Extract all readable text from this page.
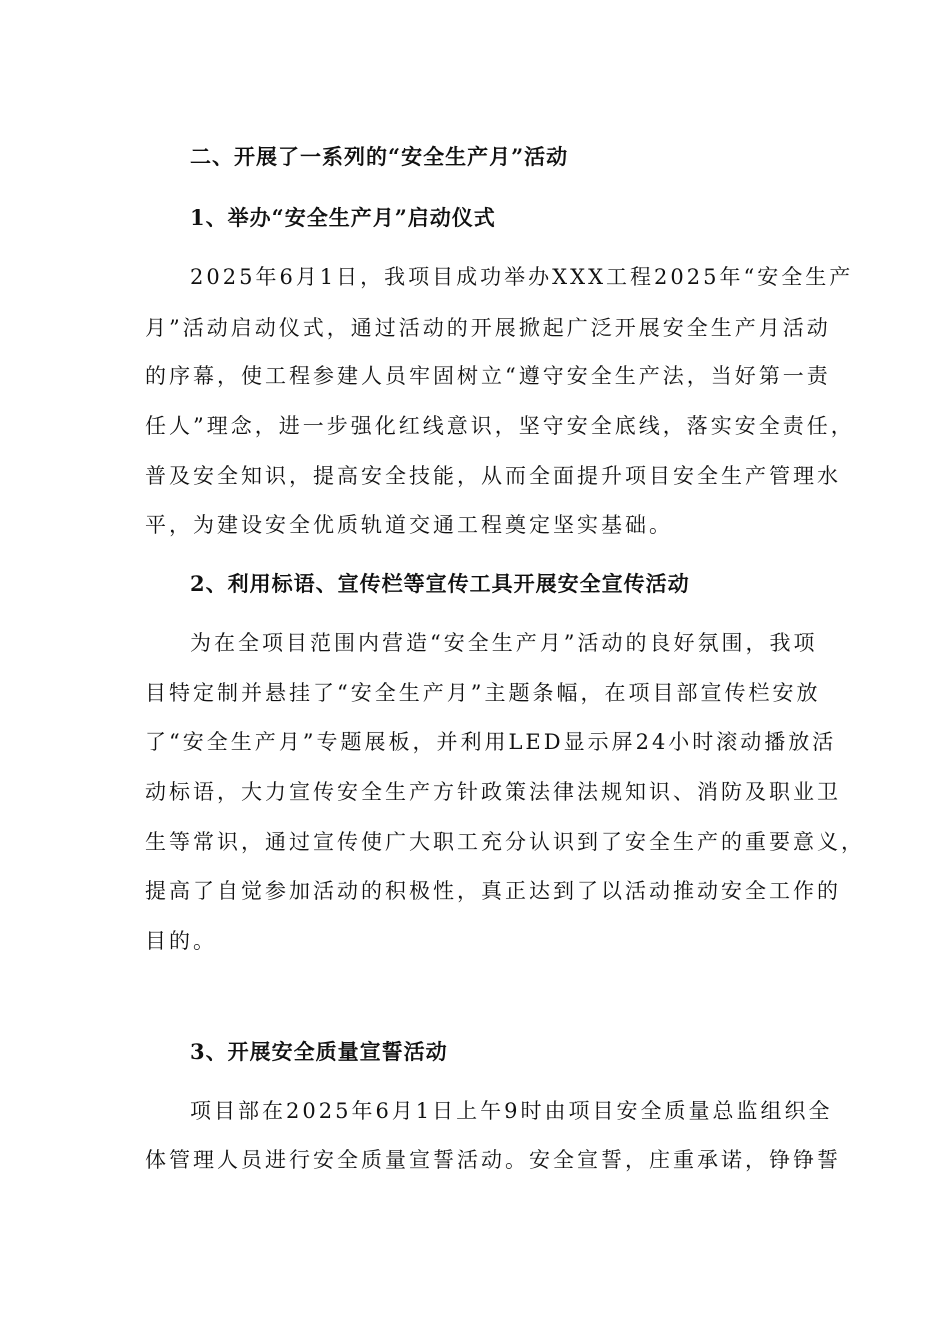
二、开展了一系列的“安全生产月”活动
1、举办“安全生产月”启动仪式
2025年6月1日，我项目成功举办XXX工程2025年“安全生产
月”活动启动仪式，通过活动的开展掀起广泛开展安全生产月活动
的序幕，使工程参建人员牢固树立“遵守安全生产法，当好第一责
任人”理念，进一步强化红线意识，坚守安全底线，落实安全责任，
普及安全知识，提高安全技能，从而全面提升项目安全生产管理水
平，为建设安全优质轨道交通工程奠定坚实基础。
2、利用标语、宣传栏等宣传工具开展安全宣传活动
为在全项目范围内营造“安全生产月”活动的良好氛围，我项
目特定制并悬挂了“安全生产月”主题条幅，在项目部宣传栏安放
了“安全生产月”专题展板，并利用LED显示屏24小时滚动播放活
动标语，大力宣传安全生产方针政策法律法规知识、消防及职业卫
生等常识，通过宣传使广大职工充分认识到了安全生产的重要意义，
提高了自觉参加活动的积极性，真正达到了以活动推动安全工作的
目的。
3、开展安全质量宣誓活动
项目部在2025年6月1日上午9时由项目安全质量总监组织全
体管理人员进行安全质量宣誓活动。安全宣誓，庄重承诺，铮铮誓
